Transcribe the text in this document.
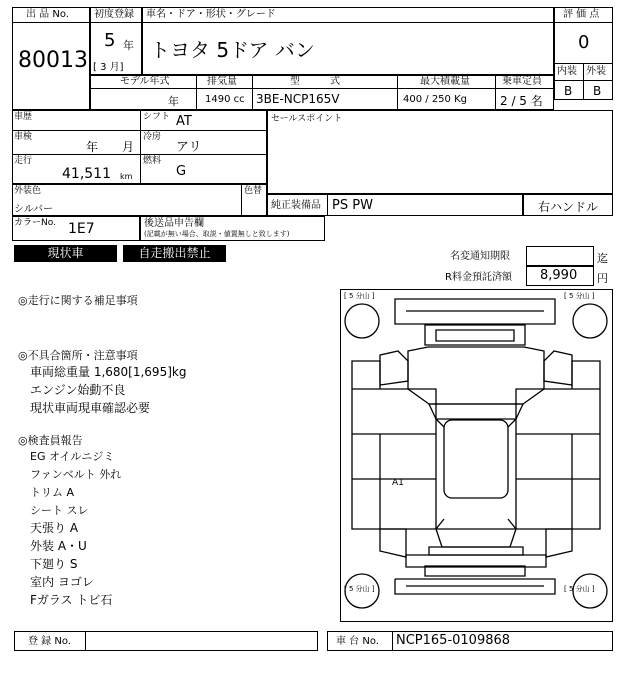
出 品 No.
80013
初度登録
5 年
[ 3 月]
車名・ドア・形状・グレード
トヨタ 5ドア バン
評 価 点
0
内装 外装
B B
モデル年式
年
排気量
1490 cc
型　　　式
3BE-NCP165V
最大積載量
400 / 250 Kg
乗車定員
2 / 5 名
車歴	シフト AT
車検
年　　月
冷房
アリ
走行
41,511 km
燃料
G
セールスポイント
外装色
シルバー
色替
純正装備品 PS PW	右ハンドル
カラーNo. 1E7	後送品申告欄
(記載が無い場合、取説・値置無しと致します)
現状車	自走搬出禁止	名変通知期限	迄
R料金預託済額 8,990 円
◎走行に関する補足事項
◎不具合箇所・注意事項
車両総重量 1,680[1,695]kg
エンジン始動不良
現状車両現車確認必要
◎検査員報告
EG オイルニジミ
ファンベルト 外れ
トリム A
シート スレ
天張り A
外装 A・U
下廻り S
室内 ヨゴレ
Fガラス トビ石
[ 5 分山 ]	[ 5 分山 ]
[ 5 分山 ]	[ 5 分山 ]
A1
登 録 No.	車 台 No. NCP165-0109868
